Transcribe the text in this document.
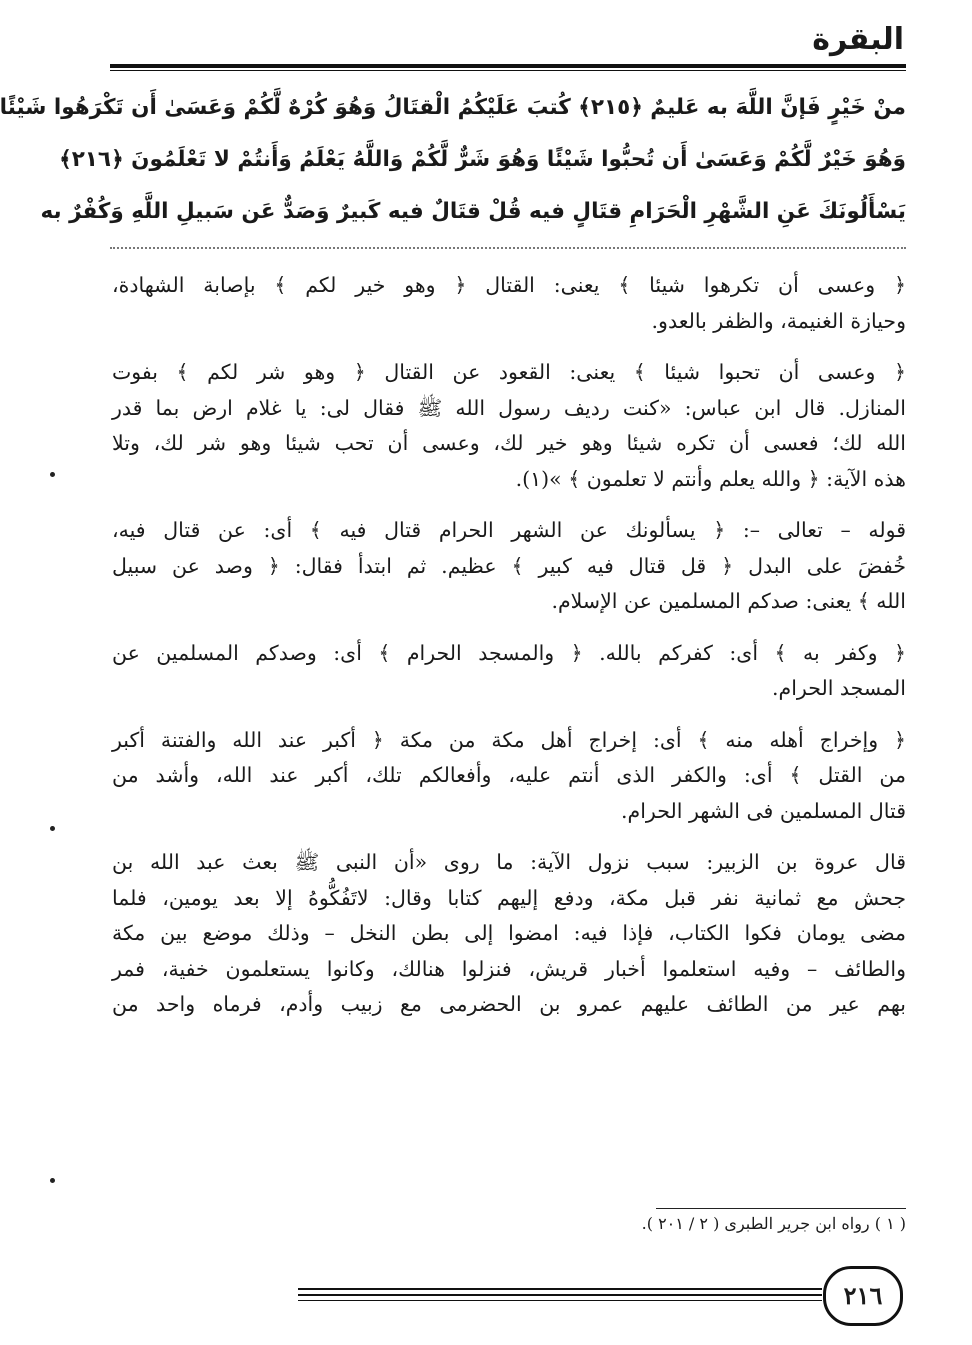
البقرة
منْ خَيْرٍ فَإنَّ اللَّهَ به عَليمٌ ﴿٢١٥﴾ كُتبَ عَلَيْكُمُ الْقتَالُ وَهُوَ كُرْهٌ لَّكُمْ وَعَسَىٰ أَن تَكْرَهُوا شَيْئًا
وَهُوَ خَيْرٌ لَّكُمْ وَعَسَىٰ أَن تُحبُّوا شَيْئًا وَهُوَ شَرٌّ لَّكُمْ وَاللَّهُ يَعْلَمُ وَأَنتُمْ لا تَعْلَمُونَ ﴿٢١٦﴾
يَسْأَلُونَكَ عَنِ الشَّهْرِ الْحَرَامِ قتَالٍ فيه قُلْ قتَالٌ فيه كَبيرٌ وَصَدٌّ عَن سَبيلِ اللَّهِ وَكُفْرٌ به
﴿ وعسى أن تكرهوا شيئا ﴾ يعنى: القتال ﴿ وهو خير لكم ﴾ بإصابة الشهادة،
وحيازة الغنيمة، والظفر بالعدو.
﴿ وعسى أن تحبوا شيئا ﴾ يعنى: القعود عن القتال ﴿ وهو شر لكم ﴾ بفوت
المنازل. قال ابن عباس: «كنت رديف رسول الله ﷺ فقال لى: يا غلام ارض بما قدر
الله لك؛ فعسى أن تكره شيئا وهو خير لك، وعسى أن تحب شيئا وهو شر لك، وتلا
هذه الآية: ﴿ والله يعلم وأنتم لا تعلمون ﴾ »(١).
قوله – تعالى –: ﴿ يسألونك عن الشهر الحرام قتال فيه ﴾ أى: عن قتال فيه،
خُفضَ على البدل ﴿ قل قتال فيه كبير ﴾ عظيم. ثم ابتدأ فقال: ﴿ وصد عن سبيل
الله ﴾ يعنى: صدكم المسلمين عن الإسلام.
﴿ وكفر به ﴾ أى: كفركم بالله. ﴿ والمسجد الحرام ﴾ أى: وصدكم المسلمين عن
المسجد الحرام.
﴿ وإخراج أهله منه ﴾ أى: إخراج أهل مكة من مكة ﴿ أكبر عند الله والفتنة أكبر
من القتل ﴾ أى: والكفر الذى أنتم عليه، وأفعالكم تلك، أكبر عند الله، وأشد من
قتال المسلمين فى الشهر الحرام.
قال عروة بن الزبير: سبب نزول الآية: ما روى «أن النبى ﷺ بعث عبد الله بن
جحش مع ثمانية نفر قبل مكة، ودفع إليهم كتابا وقال: لاتَفُكُّوهُ إلا بعد يومين، فلما
مضى يومان فكوا الكتاب، فإذا فيه: امضوا إلى بطن النخل – وذلك موضع بين مكة
والطائف – وفيه استعلموا أخبار قريش، فنزلوا هنالك، وكانوا يستعلمون خفية، فمر
بهم عير من الطائف عليهم عمرو بن الحضرمى مع زبيب وأدم، فرماه واحد من
( ١ ) رواه ابن جرير الطبرى ( ٢ / ٢٠١ ).
٢١٦
